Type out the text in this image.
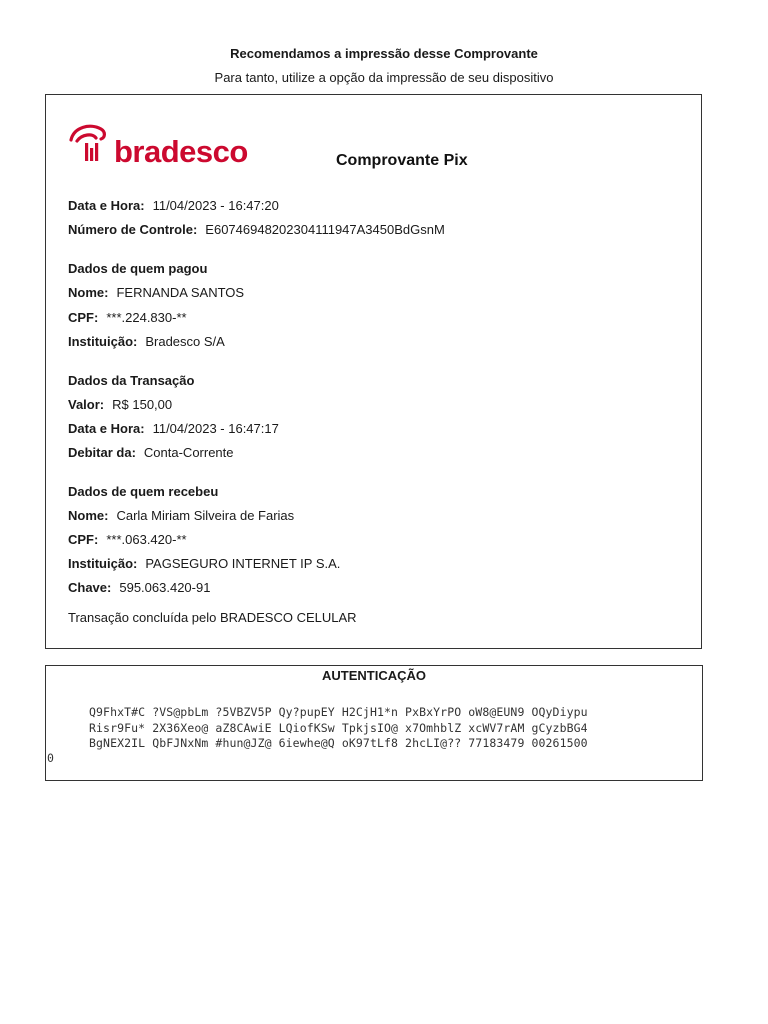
Recomendamos a impressão desse Comprovante
Para tanto, utilize a opção da impressão de seu dispositivo
bradesco	Comprovante Pix
Data e Hora: 11/04/2023 - 16:47:20
Número de Controle: E60746948202304111947A3450BdGsnM
Dados de quem pagou
Nome: FERNANDA SANTOS
CPF: ***.224.830-**
Instituição: Bradesco S/A
Dados da Transação
Valor: R$ 150,00
Data e Hora: 11/04/2023 - 16:47:17
Debitar da: Conta-Corrente
Dados de quem recebeu
Nome: Carla Miriam Silveira de Farias
CPF: ***.063.420-**
Instituição: PAGSEGURO INTERNET IP S.A.
Chave: 595.063.420-91
Transação concluída pelo BRADESCO CELULAR
AUTENTICAÇÃO
Q9FhxT#C ?VS@pbLm ?5VBZV5P Qy?pupEY H2CjH1*n PxBxYrPO oW8@EUN9 OQyDiypu
Risr9Fu* 2X36Xeo@ aZ8CAwiE LQiofKSw TpkjsIO@ x7OmhblZ xcWV7rAM gCyzbBG4
BgNEX2IL QbFJNxNm #hun@JZ@ 6iewhe@Q oK97tLf8 2hcLI@?? 77183479 00261500
0
